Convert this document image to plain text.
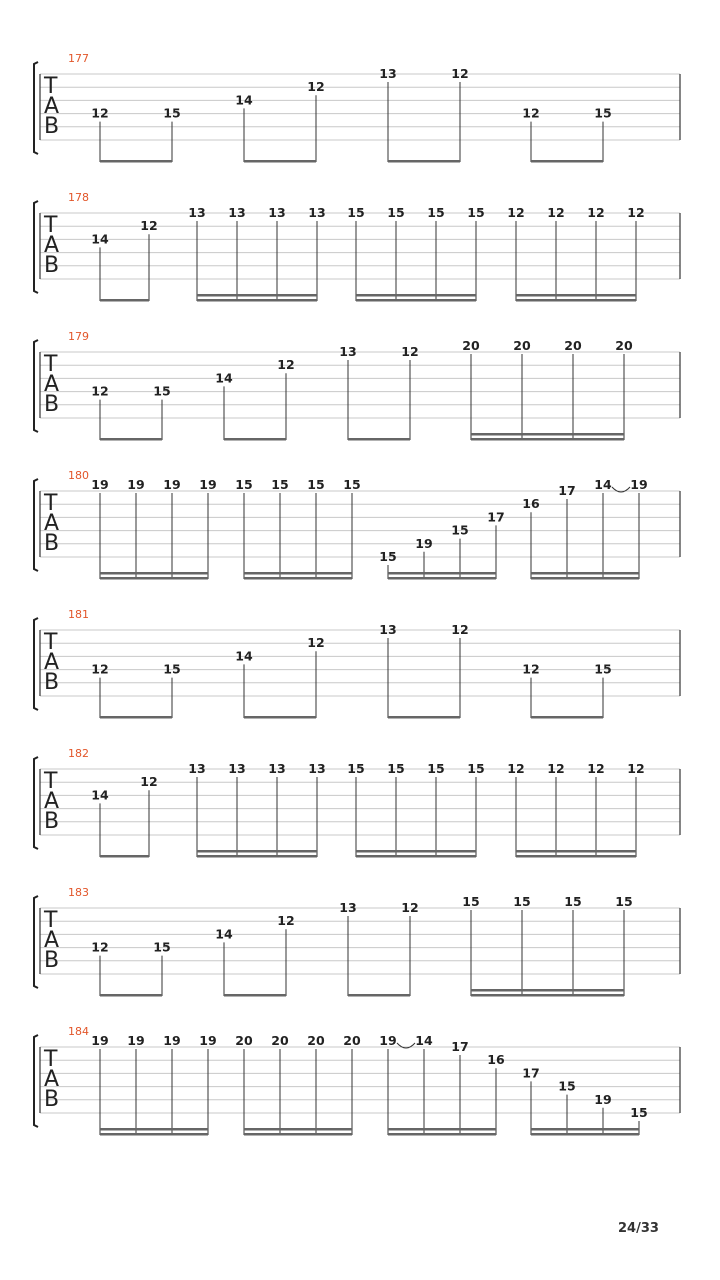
177
T
A
B
12	15
14
12
13	12
12	15
178
T
A
B
14
12
13 13 13 13 15 15 15 15 12 12 12 12
179
T
A
B
12	15
14
12
13	12	20	20	20	20
180
T
A
B
19 19 19 19 15 15 15 15
15
19
15
17
16
17 14 19
181
T
A
B
12	15
14
12
13	12
12	15
182
T
A
B
14
12
13 13 13 13 15 15 15 15 12 12 12 12
183
T
A
B
12	15
14
12
13	12	15	15	15	15
184
T
A
B
19 19 19 19 20 20 20 20 19 14 17
16
17
15
19
15
24/33
